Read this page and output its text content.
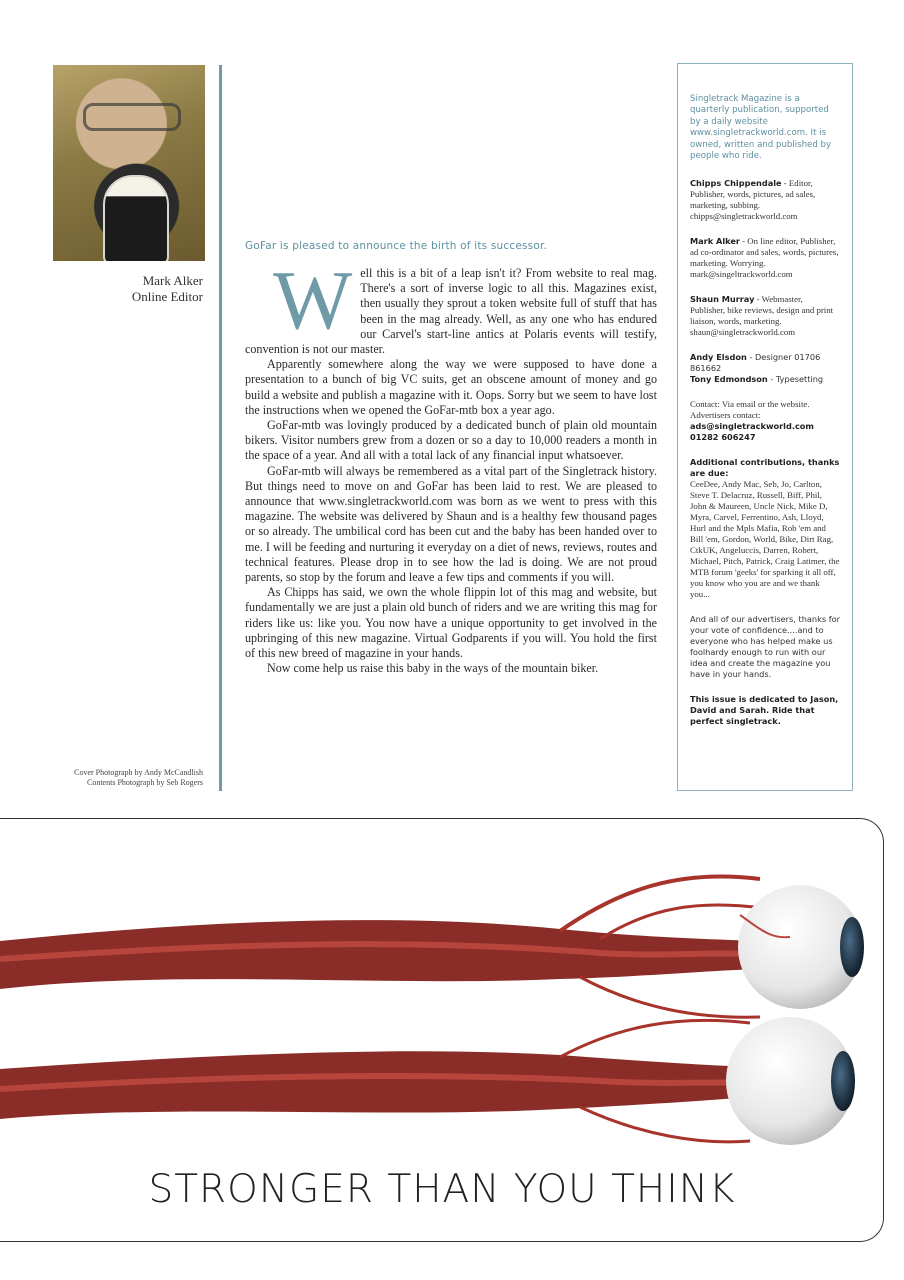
Mark Alker
Online Editor
Cover Photograph by Andy McCandlish
Contents Photograph by Seb Rogers
GoFar is pleased to announce the birth of its successor.

Well this is a bit of a leap isn't it? From website to real mag. There's a sort of inverse logic to all this. Magazines exist, then usually they sprout a token website full of stuff that has been in the mag already. Well, as any one who has endured our Carvel's start-line antics at Polaris events will testify, convention is not our master.

Apparently somewhere along the way we were supposed to have done a presentation to a bunch of big VC suits, get an obscene amount of money and go build a website and publish a magazine with it. Oops. Sorry but we seem to have lost the instructions when we opened the GoFar-mtb box a year ago.

GoFar-mtb was lovingly produced by a dedicated bunch of plain old mountain bikers. Visitor numbers grew from a dozen or so a day to 10,000 readers a month in the space of a year. And all with a total lack of any financial input whatsoever.

GoFar-mtb will always be remembered as a vital part of the Singletrack history. But things need to move on and GoFar has been laid to rest. We are pleased to announce that www.singletrackworld.com was born as we went to press with this magazine. The website was delivered by Shaun and is a healthy few thousand pages or so already. The umbilical cord has been cut and the baby has been handed over to me. I will be feeding and nurturing it everyday on a diet of news, reviews, routes and technical features. Please drop in to see how the lad is doing. We are not proud parents, so stop by the forum and leave a few tips and comments if you will.

As Chipps has said, we own the whole flippin lot of this mag and website, but fundamentally we are just a plain old bunch of riders and we are writing this mag for riders like us: like you. You now have a unique opportunity to get involved in the upbringing of this new magazine. Virtual Godparents if you will. You hold the first of this new breed of magazine in your hands.

Now come help us raise this baby in the ways of the mountain biker.

Singletrack Magazine is a quarterly publication, supported by a daily website www.singletrackworld.com. It is owned, written and published by people who ride.
Chipps Chippendale - Editor, Publisher, words, pictures, ad sales, marketing, subbing. chipps@singletrackworld.com
Mark Alker - On line editor, Publisher, ad co-ordinator and sales, words, pictures, marketing. Worrying. mark@singeltrackworld.com
Shaun Murray - Webmaster, Publisher, bike reviews, design and print liaison, words, marketing. shaun@singletrackworld.com
Andy Elsdon - Designer 01706 861662
Tony Edmondson - Typesetting
Contact: Via email or the website. Advertisers contact:
ads@singletrackworld.com
01282 606247
Additional contributions, thanks are due:
CeeDee, Andy Mac, Seb, Jo, Carlton, Steve T. Delacruz, Russell, Biff, Phil, John & Maureen, Uncle Nick, Mike D, Myra, Carvel, Ferrentino, Ash, Lloyd, Hurl and the Mpls Mafia, Rob 'em and Bill 'em, Gordon, World, Bike, Dirt Rag, CtkUK, Angeluccis, Darren, Robert, Michael, Pitch, Patrick, Craig Latimer, the MTB forum 'geeks' for sparking it all off, you know who you are and we thank you...
And all of our advertisers, thanks for your vote of confidence....and to everyone who has helped make us foolhardy enough to run with our idea and create the magazine you have in your hands.
This issue is dedicated to Jason, David and Sarah. Ride that perfect singletrack.
STRONGER THAN YOU THINK
